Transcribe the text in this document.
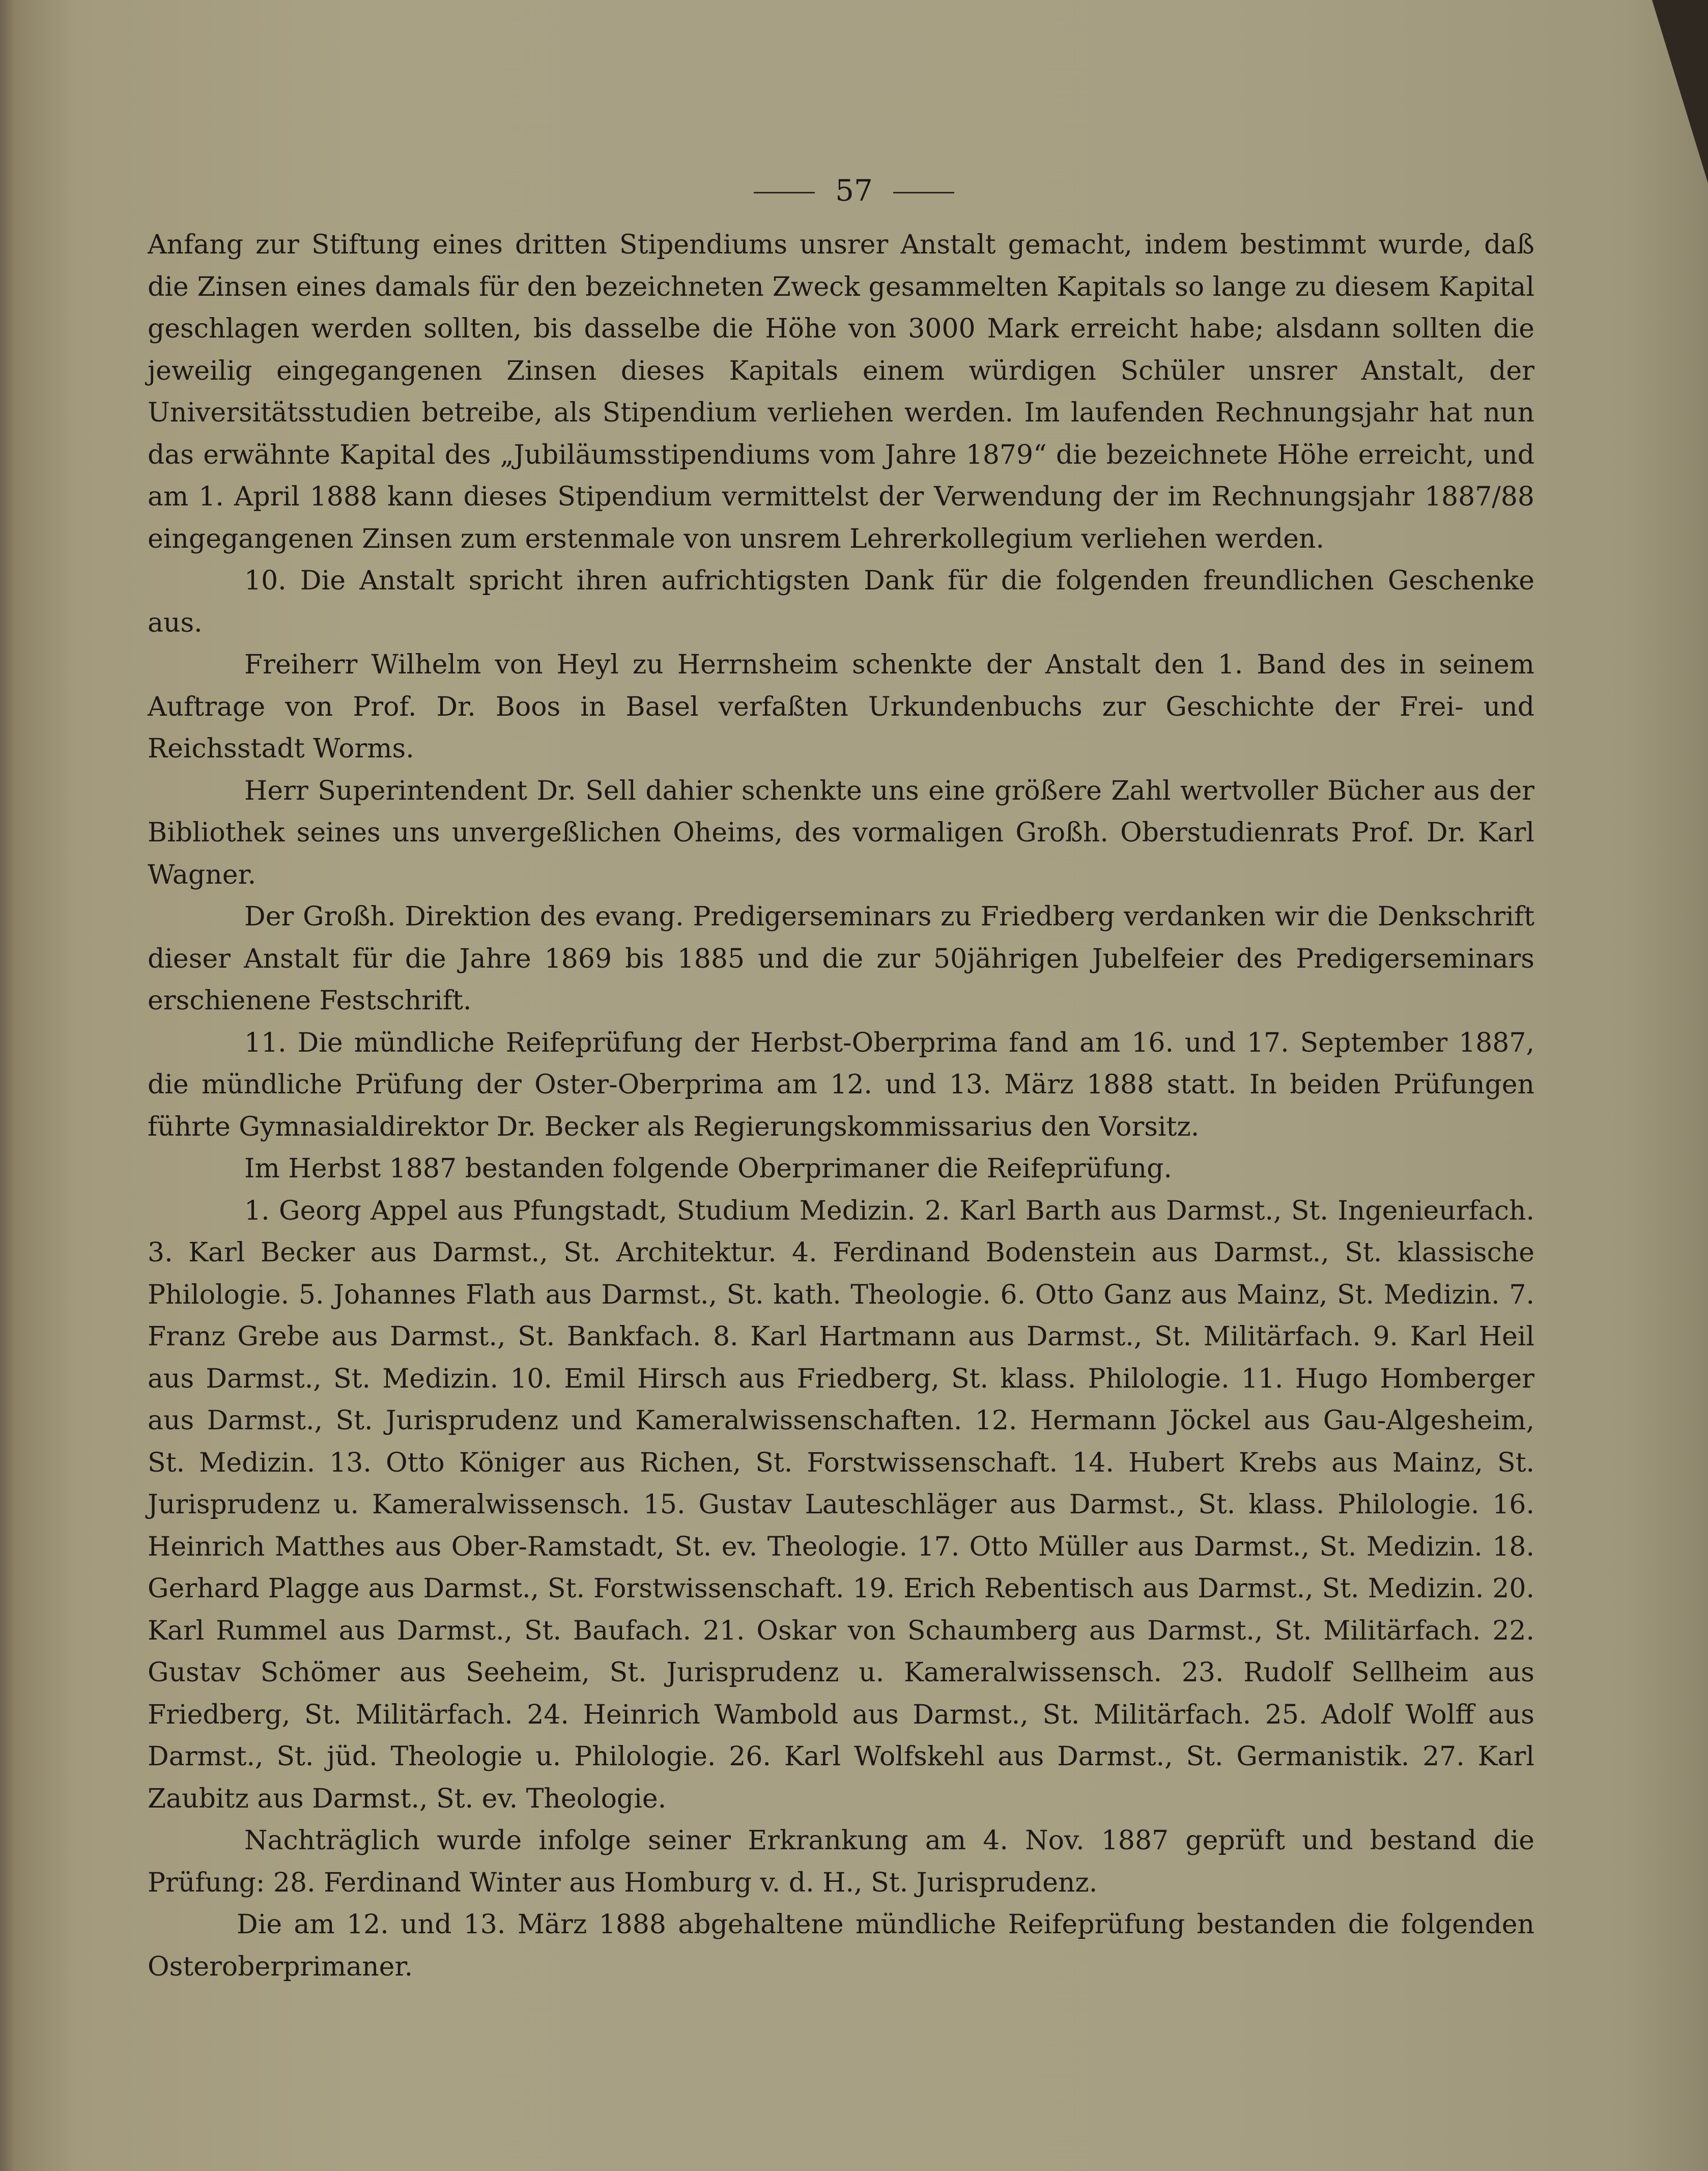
57

Anfang zur Stiftung eines dritten Stipendiums unsrer Anstalt gemacht, indem bestimmt wurde, daß die Zinsen eines damals für den bezeichneten Zweck gesammelten Kapitals so lange zu diesem Kapital geschlagen werden sollten, bis dasselbe die Höhe von 3000 Mark erreicht habe; alsdann sollten die jeweilig eingegangenen Zinsen dieses Kapitals einem würdigen Schüler unsrer Anstalt, der Universitätsstudien betreibe, als Stipendium verliehen werden. Im laufenden Rechnungsjahr hat nun das erwähnte Kapital des „Jubiläumsstipendiums vom Jahre 1879“ die bezeichnete Höhe erreicht, und am 1. April 1888 kann dieses Stipendium vermittelst der Verwendung der im Rechnungsjahr 1887/88 eingegangenen Zinsen zum erstenmale von unsrem Lehrerkollegium verliehen werden.

10. Die Anstalt spricht ihren aufrichtigsten Dank für die folgenden freundlichen Geschenke aus.

Freiherr Wilhelm von Heyl zu Herrnsheim schenkte der Anstalt den 1. Band des in seinem Auftrage von Prof. Dr. Boos in Basel verfaßten Urkundenbuchs zur Geschichte der Frei- und Reichsstadt Worms.

Herr Superintendent Dr. Sell dahier schenkte uns eine größere Zahl wertvoller Bücher aus der Bibliothek seines uns unvergeßlichen Oheims, des vormaligen Großh. Oberstudienrats Prof. Dr. Karl Wagner.

Der Großh. Direktion des evang. Predigerseminars zu Friedberg verdanken wir die Denkschrift dieser Anstalt für die Jahre 1869 bis 1885 und die zur 50jährigen Jubelfeier des Predigerseminars erschienene Festschrift.

11. Die mündliche Reifeprüfung der Herbst-Oberprima fand am 16. und 17. September 1887, die mündliche Prüfung der Oster-Oberprima am 12. und 13. März 1888 statt. In beiden Prüfungen führte Gymnasialdirektor Dr. Becker als Regierungskommissarius den Vorsitz.

Im Herbst 1887 bestanden folgende Oberprimaner die Reifeprüfung.

1. Georg Appel aus Pfungstadt, Studium Medizin. 2. Karl Barth aus Darmst., St. Ingenieurfach. 3. Karl Becker aus Darmst., St. Architektur. 4. Ferdinand Bodenstein aus Darmst., St. klassische Philologie. 5. Johannes Flath aus Darmst., St. kath. Theologie. 6. Otto Ganz aus Mainz, St. Medizin. 7. Franz Grebe aus Darmst., St. Bankfach. 8. Karl Hartmann aus Darmst., St. Militärfach. 9. Karl Heil aus Darmst., St. Medizin. 10. Emil Hirsch aus Friedberg, St. klass. Philologie. 11. Hugo Homberger aus Darmst., St. Jurisprudenz und Kameralwissenschaften. 12. Hermann Jöckel aus Gau-Algesheim, St. Medizin. 13. Otto Königer aus Richen, St. Forstwissenschaft. 14. Hubert Krebs aus Mainz, St. Jurisprudenz u. Kameralwissensch. 15. Gustav Lauteschläger aus Darmst., St. klass. Philologie. 16. Heinrich Matthes aus Ober-Ramstadt, St. ev. Theologie. 17. Otto Müller aus Darmst., St. Medizin. 18. Gerhard Plagge aus Darmst., St. Forstwissenschaft. 19. Erich Rebentisch aus Darmst., St. Medizin. 20. Karl Rummel aus Darmst., St. Baufach. 21. Oskar von Schaumberg aus Darmst., St. Militärfach. 22. Gustav Schömer aus Seeheim, St. Jurisprudenz u. Kameralwissensch. 23. Rudolf Sellheim aus Friedberg, St. Militärfach. 24. Heinrich Wambold aus Darmst., St. Militärfach. 25. Adolf Wolff aus Darmst., St. jüd. Theologie u. Philologie. 26. Karl Wolfskehl aus Darmst., St. Germanistik. 27. Karl Zaubitz aus Darmst., St. ev. Theologie.

Nachträglich wurde infolge seiner Erkrankung am 4. Nov. 1887 geprüft und bestand die Prüfung: 28. Ferdinand Winter aus Homburg v. d. H., St. Jurisprudenz.

Die am 12. und 13. März 1888 abgehaltene mündliche Reifeprüfung bestanden die folgenden Osteroberprimaner.
